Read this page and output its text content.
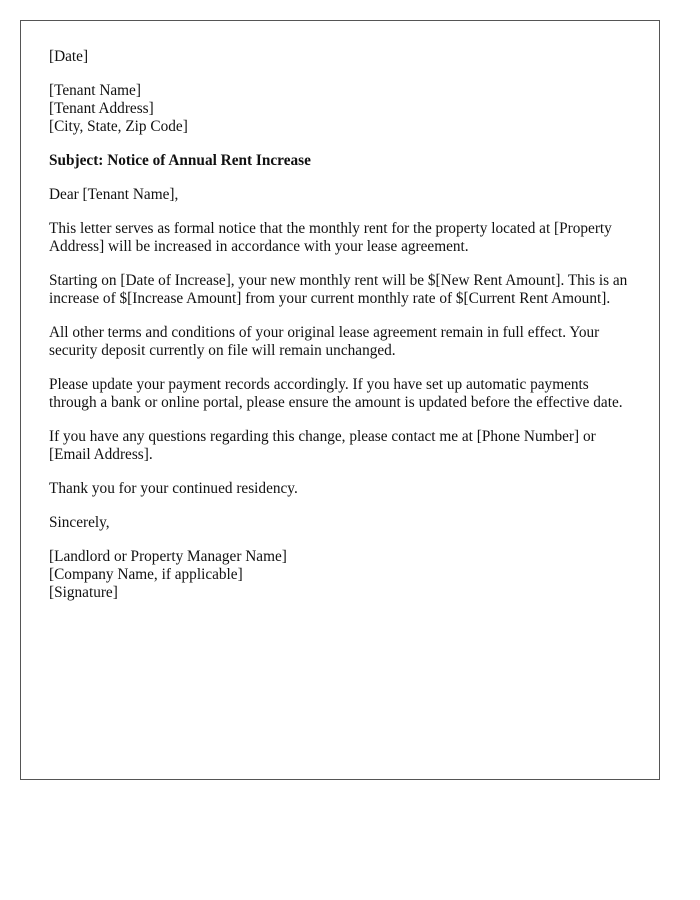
[Date]

[Tenant Name]
[Tenant Address]
[City, State, Zip Code]

Subject: Notice of Annual Rent Increase

Dear [Tenant Name],

This letter serves as formal notice that the monthly rent for the property located at [Property Address] will be increased in accordance with your lease agreement.

Starting on [Date of Increase], your new monthly rent will be $[New Rent Amount]. This is an increase of $[Increase Amount] from your current monthly rate of $[Current Rent Amount].

All other terms and conditions of your original lease agreement remain in full effect. Your security deposit currently on file will remain unchanged.

Please update your payment records accordingly. If you have set up automatic payments through a bank or online portal, please ensure the amount is updated before the effective date.

If you have any questions regarding this change, please contact me at [Phone Number] or [Email Address].

Thank you for your continued residency.

Sincerely,

[Landlord or Property Manager Name]
[Company Name, if applicable]
[Signature]
